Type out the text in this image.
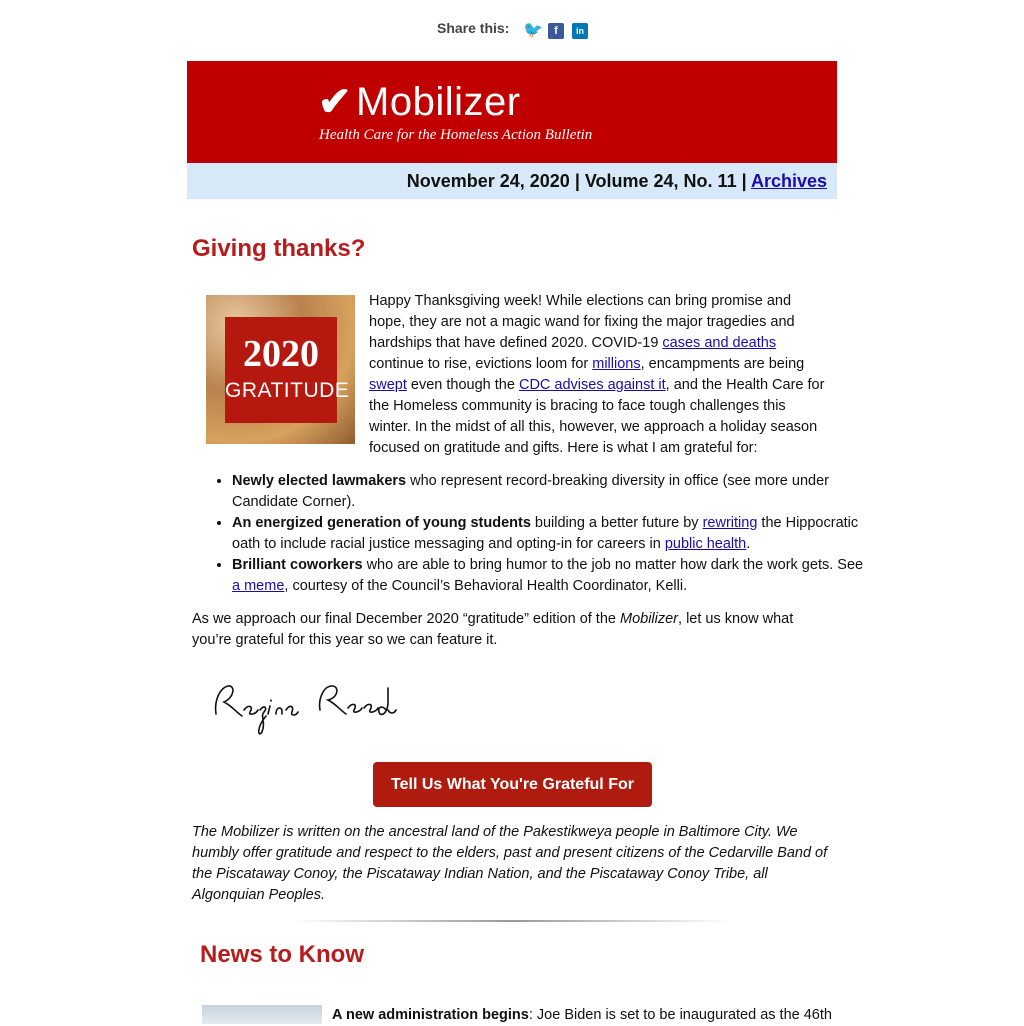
Share this: 🐦	f	in
✔ Mobilizer
Health Care for the Homeless Action Bulletin
November 24, 2020 | Volume 24, No. 11 | Archives
Giving thanks?
2020
GRATITUDE
Happy Thanksgiving week! While elections can bring promise and hope, they are not a magic wand for fixing the major tragedies and hardships that have defined 2020. COVID-19 cases and deaths continue to rise, evictions loom for millions, encampments are being swept even though the CDC advises against it, and the Health Care for the Homeless community is bracing to face tough challenges this winter. In the midst of all this, however, we approach a holiday season focused on gratitude and gifts. Here is what I am grateful for:
• Newly elected lawmakers who represent record-breaking diversity in office (see more under Candidate Corner).
• An energized generation of young students building a better future by rewriting the Hippocratic oath to include racial justice messaging and opting-in for careers in public health.
• Brilliant coworkers who are able to bring humor to the job no matter how dark the work gets. See a meme, courtesy of the Council’s Behavioral Health Coordinator, Kelli.
As we approach our final December 2020 “gratitude” edition of the Mobilizer, let us know what you’re grateful for this year so we can feature it.
Tell Us What You're Grateful For
The Mobilizer is written on the ancestral land of the Pakestikweya people in Baltimore City. We humbly offer gratitude and respect to the elders, past and present citizens of the Cedarville Band of the Piscataway Conoy, the Piscataway Indian Nation, and the Piscataway Conoy Tribe, all Algonquian Peoples.
News to Know
A new administration begins: Joe Biden is set to be inaugurated as the 46th
